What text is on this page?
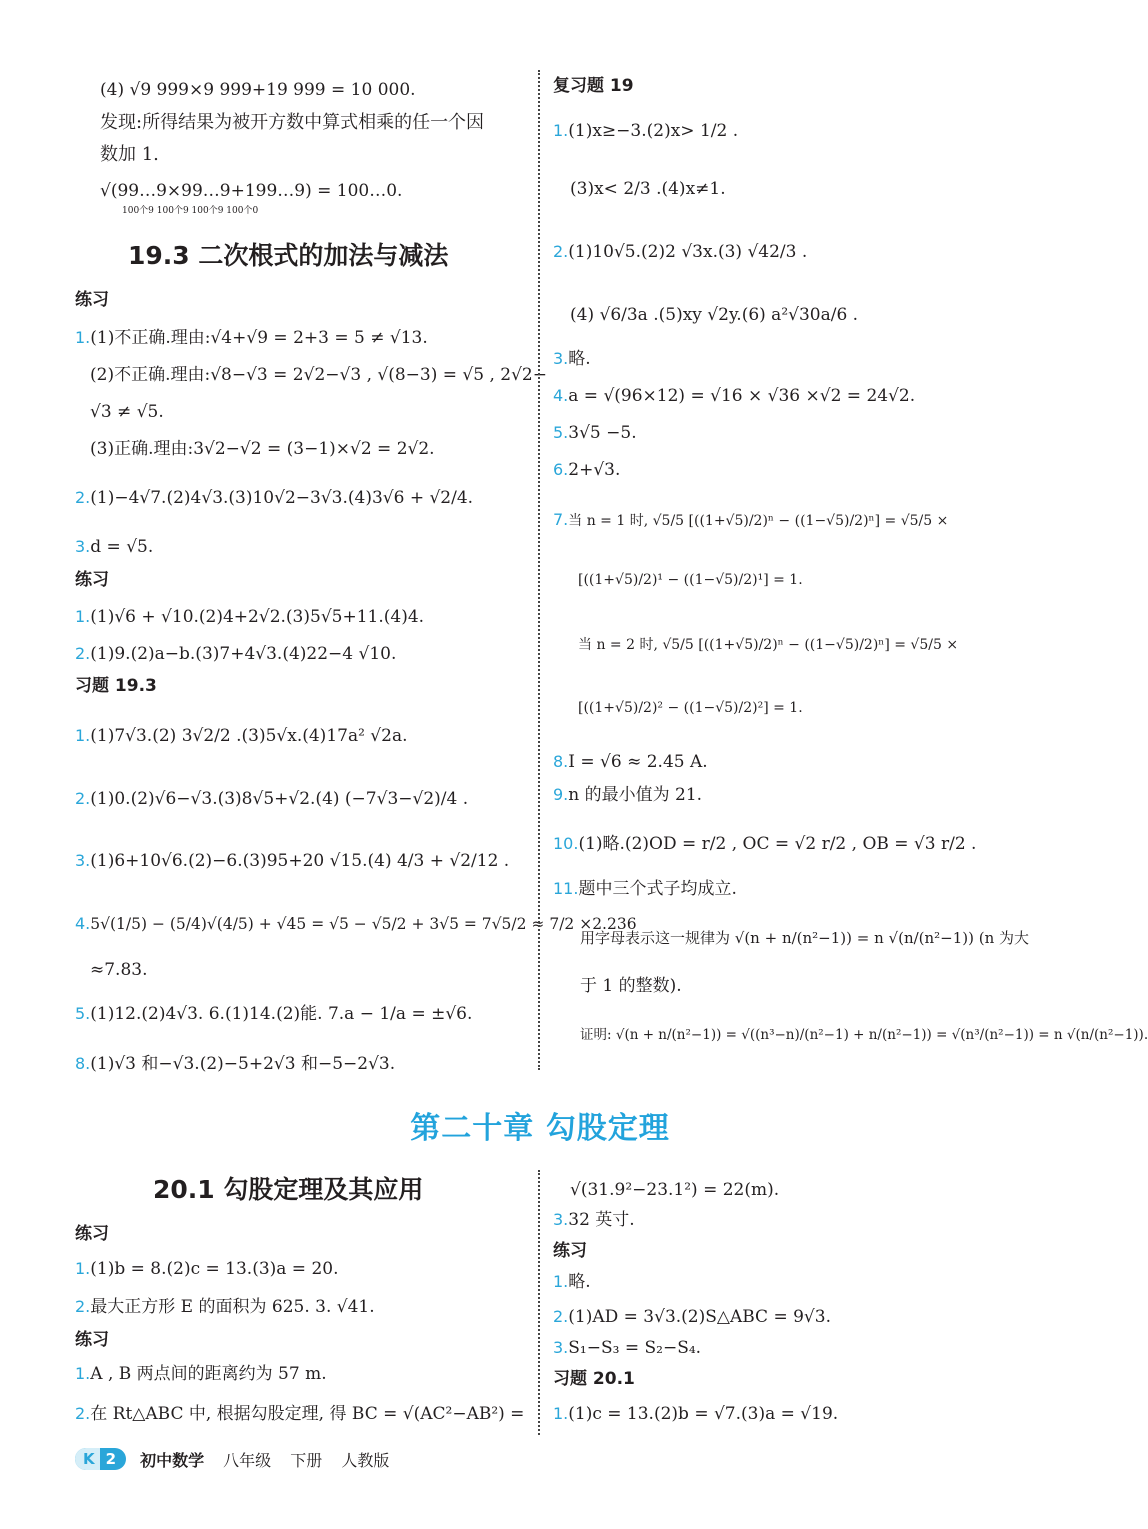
(4) √9 999×9 999+19 999 = 10 000.
发现:所得结果为被开方数中算式相乘的任一个因
数加 1.
√(99…9×99…9+199…9) = 100…0.
100个9 100个9 100个9 100个0
19.3 二次根式的加法与减法
练习
1.(1)不正确.理由:√4+√9 = 2+3 = 5 ≠ √13.
(2)不正确.理由:√8−√3 = 2√2−√3 , √(8−3) = √5 , 2√2−
√3 ≠ √5.
(3)正确.理由:3√2−√2 = (3−1)×√2 = 2√2.
2.(1)−4√7.(2)4√3.(3)10√2−3√3.(4)3√6 + √2/4.
3.d = √5.
练习
1.(1)√6 + √10.(2)4+2√2.(3)5√5+11.(4)4.
2.(1)9.(2)a−b.(3)7+4√3.(4)22−4 √10.
习题 19.3
1.(1)7√3.(2) 3√2/2 .(3)5√x.(4)17a² √2a.
2.(1)0.(2)√6−√3.(3)8√5+√2.(4) (−7√3−√2)/4 .
3.(1)6+10√6.(2)−6.(3)95+20 √15.(4) 4/3 + √2/12 .
4.5√(1/5) − (5/4)√(4/5) + √45 = √5 − √5/2 + 3√5 = 7√5/2 ≈ 7/2 ×2.236
≈7.83.
5.(1)12.(2)4√3. 6.(1)14.(2)能. 7.a − 1/a = ±√6.
8.(1)√3 和−√3.(2)−5+2√3 和−5−2√3.
复习题 19
1.(1)x≥−3.(2)x> 1/2 .
(3)x< 2/3 .(4)x≠1.
2.(1)10√5.(2)2 √3x.(3) √42/3 .
(4) √6/3a .(5)xy √2y.(6) a²√30a/6 .
3.略.
4.a = √(96×12) = √16 × √36 ×√2 = 24√2.
5.3√5 −5.
6.2+√3.
7.当 n = 1 时, √5/5 [((1+√5)/2)ⁿ − ((1−√5)/2)ⁿ] = √5/5 ×
[((1+√5)/2)¹ − ((1−√5)/2)¹] = 1.
当 n = 2 时, √5/5 [((1+√5)/2)ⁿ − ((1−√5)/2)ⁿ] = √5/5 ×
[((1+√5)/2)² − ((1−√5)/2)²] = 1.
8.I = √6 ≈ 2.45 A.
9.n 的最小值为 21.
10.(1)略.(2)OD = r/2 , OC = √2 r/2 , OB = √3 r/2 .
11.题中三个式子均成立.
用字母表示这一规律为 √(n + n/(n²−1)) = n √(n/(n²−1)) (n 为大
于 1 的整数).
证明: √(n + n/(n²−1)) = √((n³−n)/(n²−1) + n/(n²−1)) = √(n³/(n²−1)) = n √(n/(n²−1)).
第二十章 勾股定理
20.1 勾股定理及其应用
练习
1.(1)b = 8.(2)c = 13.(3)a = 20.
2.最大正方形 E 的面积为 625. 3. √41.
练习
1.A , B 两点间的距离约为 57 m.
2.在 Rt△ABC 中, 根据勾股定理, 得 BC = √(AC²−AB²) =
√(31.9²−23.1²) = 22(m).
3.32 英寸.
练习
1.略.
2.(1)AD = 3√3.(2)S△ABC = 9√3.
3.S₁−S₃ = S₂−S₄.
习题 20.1
1.(1)c = 13.(2)b = √7.(3)a = √19.
K 2	初中数学 八年级 下册 人教版
